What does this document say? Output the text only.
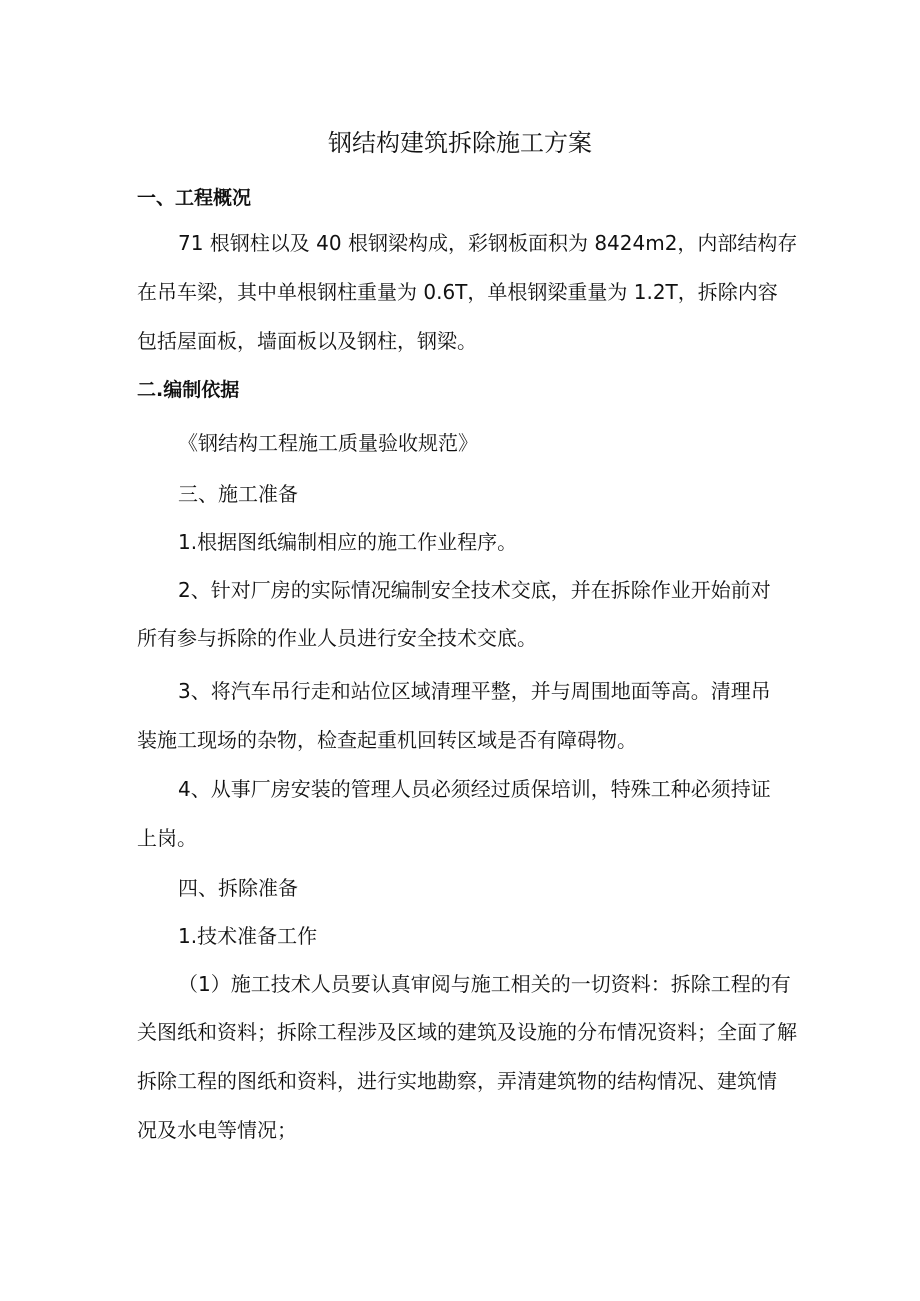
钢结构建筑拆除施工方案
一、工程概况
71 根钢柱以及 40 根钢梁构成，彩钢板面积为 8424m2，内部结构存
在吊车梁，其中单根钢柱重量为 0.6T，单根钢梁重量为 1.2T，拆除内容
包括屋面板，墙面板以及钢柱，钢梁。
二.编制依据
《钢结构工程施工质量验收规范》
三、施工准备
1.根据图纸编制相应的施工作业程序。
2、针对厂房的实际情况编制安全技术交底，并在拆除作业开始前对
所有参与拆除的作业人员进行安全技术交底。
3、将汽车吊行走和站位区域清理平整，并与周围地面等高。清理吊
装施工现场的杂物，检查起重机回转区域是否有障碍物。
4、从事厂房安装的管理人员必须经过质保培训，特殊工种必须持证
上岗。
四、拆除准备
1.技术准备工作
（1）施工技术人员要认真审阅与施工相关的一切资料：拆除工程的有
关图纸和资料；拆除工程涉及区域的建筑及设施的分布情况资料；全面了解
拆除工程的图纸和资料，进行实地勘察，弄清建筑物的结构情况、建筑情
况及水电等情况；
